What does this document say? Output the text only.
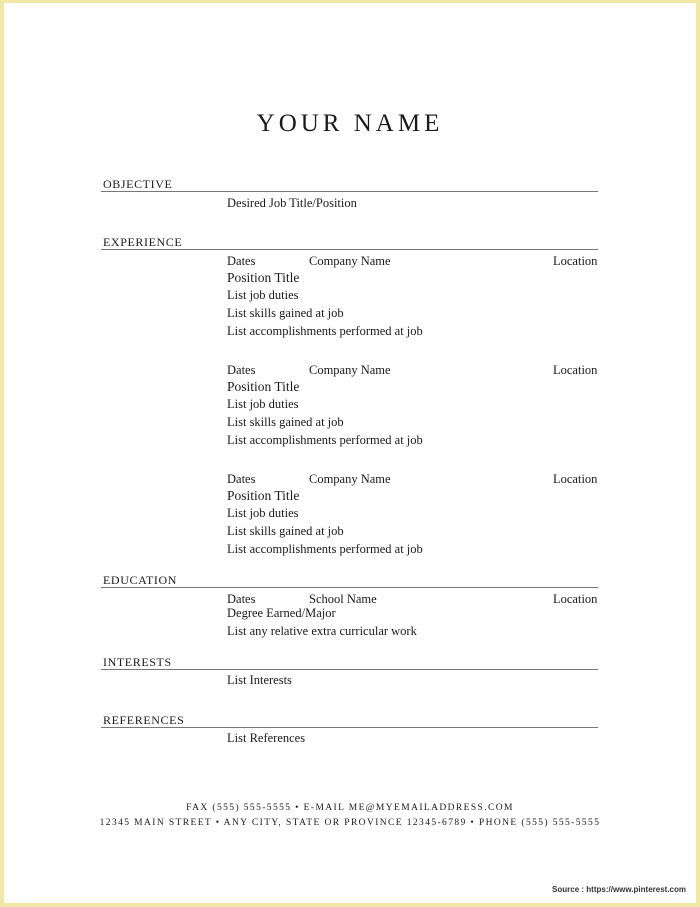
YOUR NAME
OBJECTIVE
Desired Job Title/Position
EXPERIENCE
Dates	Company Name	Location
Position Title
List job duties
List skills gained at job
List accomplishments performed at job
Dates	Company Name	Location
Position Title
List job duties
List skills gained at job
List accomplishments performed at job
Dates	Company Name	Location
Position Title
List job duties
List skills gained at job
List accomplishments performed at job
EDUCATION
Dates	School Name	Location
Degree Earned/Major
List any relative extra curricular work
INTERESTS
List Interests
REFERENCES
List References
FAX (555) 555-5555 • E-MAIL ME@MYEMAILADDRESS.COM
12345 MAIN STREET • ANY CITY, STATE OR PROVINCE 12345-6789 • PHONE (555) 555-5555
Source : https://www.pinterest.com
